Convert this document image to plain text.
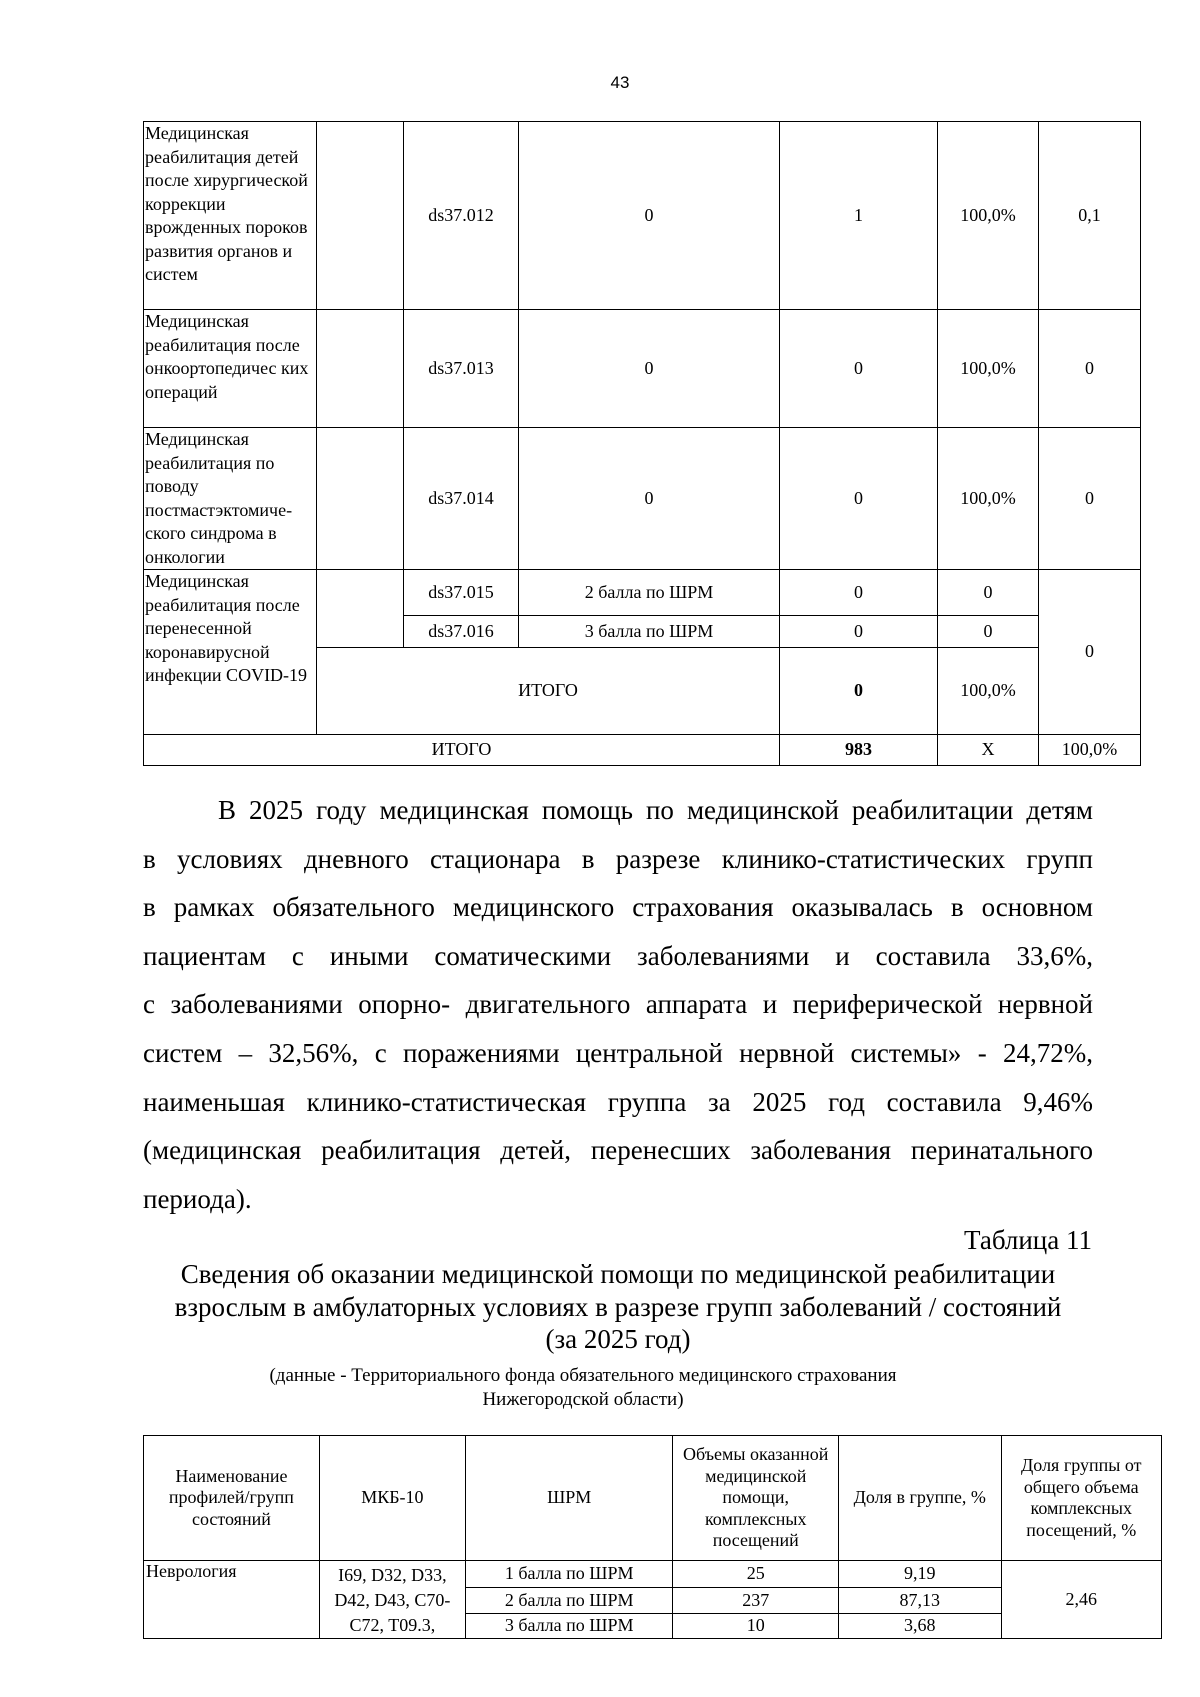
43
Медицинская реабилитация детей после хирургической коррекции врожденных пороков развития органов и систем		ds37.012	0	1	100,0%	0,1
Медицинская реабилитация после онкоортопедичес ких операций		ds37.013	0	0	100,0%	0
Медицинская реабилитация по поводу постмастэктомиче-ского синдрома в онкологии		ds37.014	0	0	100,0%	0
Медицинская реабилитация после перенесенной коронавирусной инфекции COVID-19		ds37.015	2 балла по ШРМ	0	0	0
		ds37.016	3 балла по ШРМ	0	0	
	ИТОГО			0	100,0%	
ИТОГО				983	Х	100,0%
В 2025 году медицинская помощь по медицинской реабилитации детям
в условиях дневного стационара в разрезе клинико-статистических групп
в рамках обязательного медицинского страхования оказывалась в основном
пациентам с иными соматическими заболеваниями и составила 33,6%,
с заболеваниями опорно- двигательного аппарата и периферической нервной
систем – 32,56%, с поражениями центральной нервной системы» - 24,72%,
наименьшая клинико-статистическая группа за 2025 год составила 9,46%
(медицинская реабилитация детей, перенесших заболевания перинатального
периода).
Таблица 11
Сведения об оказании медицинской помощи по медицинской реабилитации
взрослым в амбулаторных условиях в разрезе групп заболеваний / состояний
(за 2025 год)
(данные - Территориального фонда обязательного медицинского страхования
Нижегородской области)
Наименование профилей/групп состояний	МКБ-10	ШРМ	Объемы оказанной медицинской помощи, комплексных посещений	Доля в группе, %	Доля группы от общего объема комплексных посещений, %
Неврология	I69, D32, D33, D42, D43, C70-C72, T09.3,	1 балла по ШРМ	25	9,19	2,46
		2 балла по ШРМ	237	87,13	
		3 балла по ШРМ	10	3,68	
